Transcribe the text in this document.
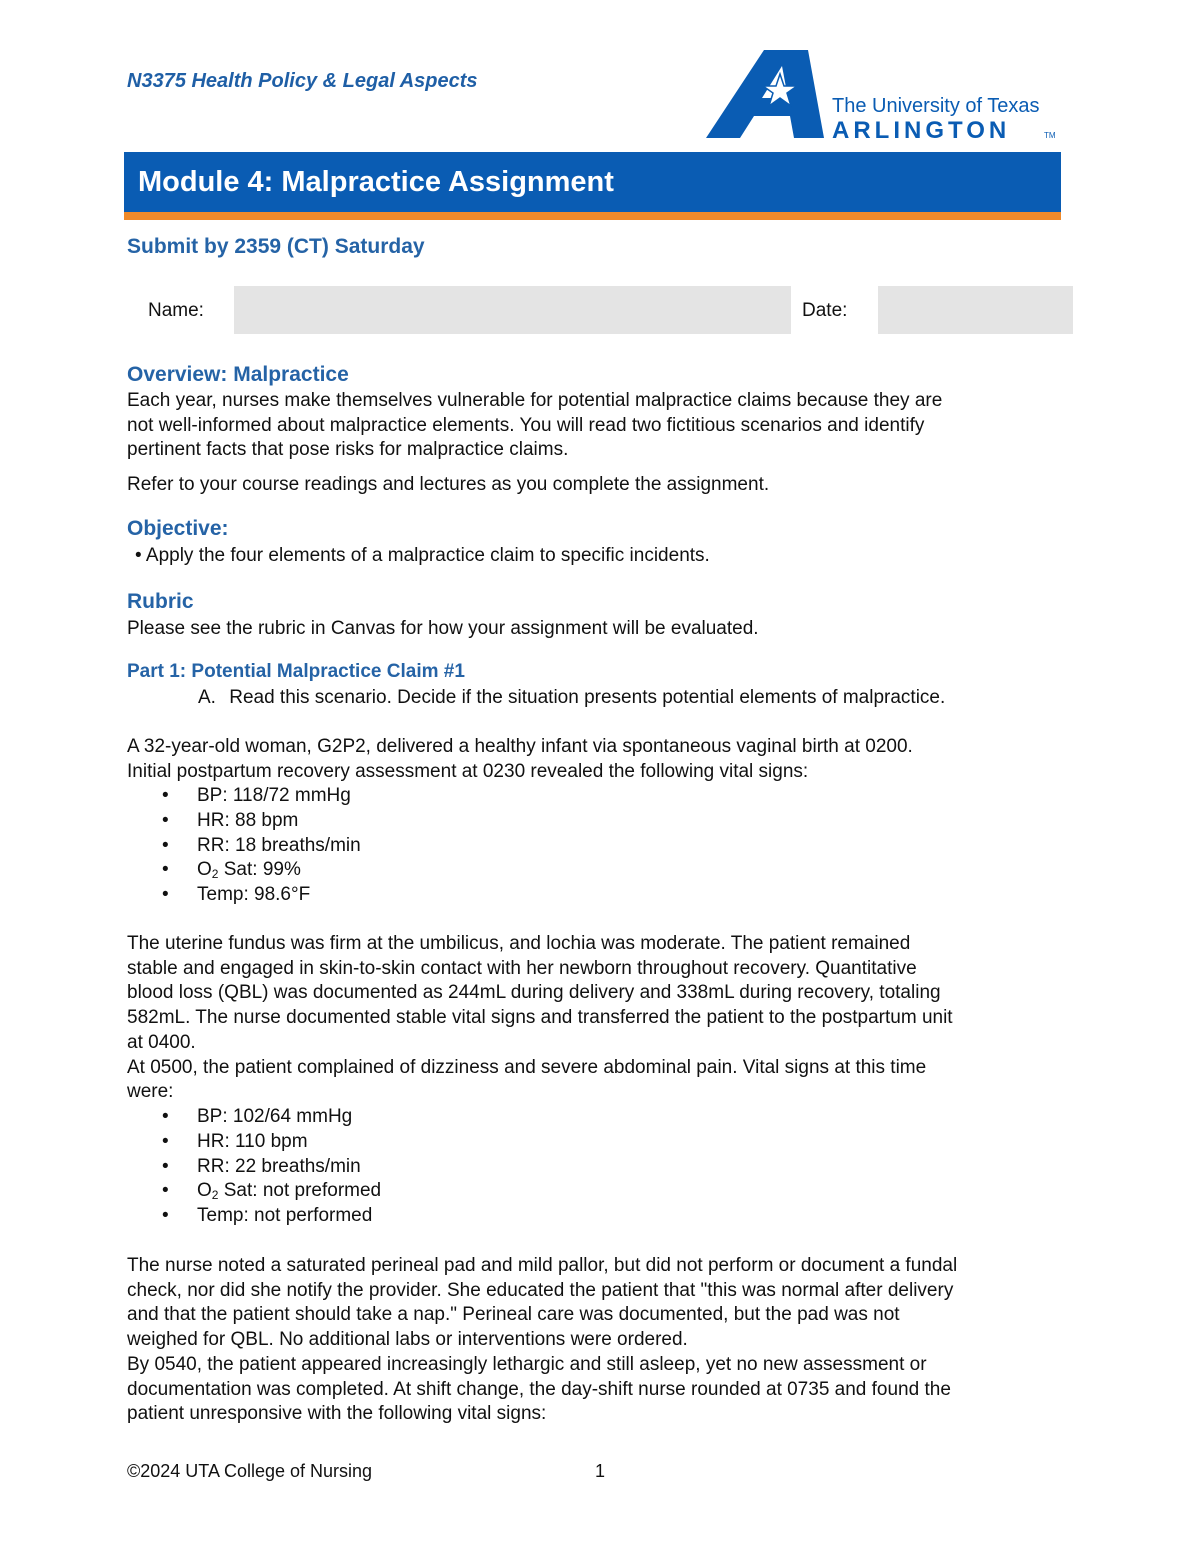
N3375 Health Policy & Legal Aspects
The University of Texas
ARLINGTON	TM
Module 4: Malpractice Assignment
Submit by 2359 (CT) Saturday
Name:	Date:
Overview: Malpractice
Each year, nurses make themselves vulnerable for potential malpractice claims because they are
not well-informed about malpractice elements. You will read two fictitious scenarios and identify
pertinent facts that pose risks for malpractice claims.
Refer to your course readings and lectures as you complete the assignment.
Objective:
• Apply the four elements of a malpractice claim to specific incidents.
Rubric
Please see the rubric in Canvas for how your assignment will be evaluated.
Part 1: Potential Malpractice Claim #1
A. Read this scenario. Decide if the situation presents potential elements of malpractice.
A 32-year-old woman, G2P2, delivered a healthy infant via spontaneous vaginal birth at 0200.
Initial postpartum recovery assessment at 0230 revealed the following vital signs:
• BP: 118/72 mmHg
• HR: 88 bpm
• RR: 18 breaths/min
• $O_2$ Sat: 99%
• Temp: 98.6°F
The uterine fundus was firm at the umbilicus, and lochia was moderate. The patient remained
stable and engaged in skin-to-skin contact with her newborn throughout recovery. Quantitative
blood loss (QBL) was documented as 244mL during delivery and 338mL during recovery, totaling
582mL. The nurse documented stable vital signs and transferred the patient to the postpartum unit
at 0400.
At 0500, the patient complained of dizziness and severe abdominal pain. Vital signs at this time
were:
• BP: 102/64 mmHg
• HR: 110 bpm
• RR: 22 breaths/min
• $O_2$ Sat: not preformed
• Temp: not performed
The nurse noted a saturated perineal pad and mild pallor, but did not perform or document a fundal
check, nor did she notify the provider. She educated the patient that "this was normal after delivery
and that the patient should take a nap." Perineal care was documented, but the pad was not
weighed for QBL. No additional labs or interventions were ordered.
By 0540, the patient appeared increasingly lethargic and still asleep, yet no new assessment or
documentation was completed. At shift change, the day-shift nurse rounded at 0735 and found the
patient unresponsive with the following vital signs:
©2024 UTA College of Nursing	1
